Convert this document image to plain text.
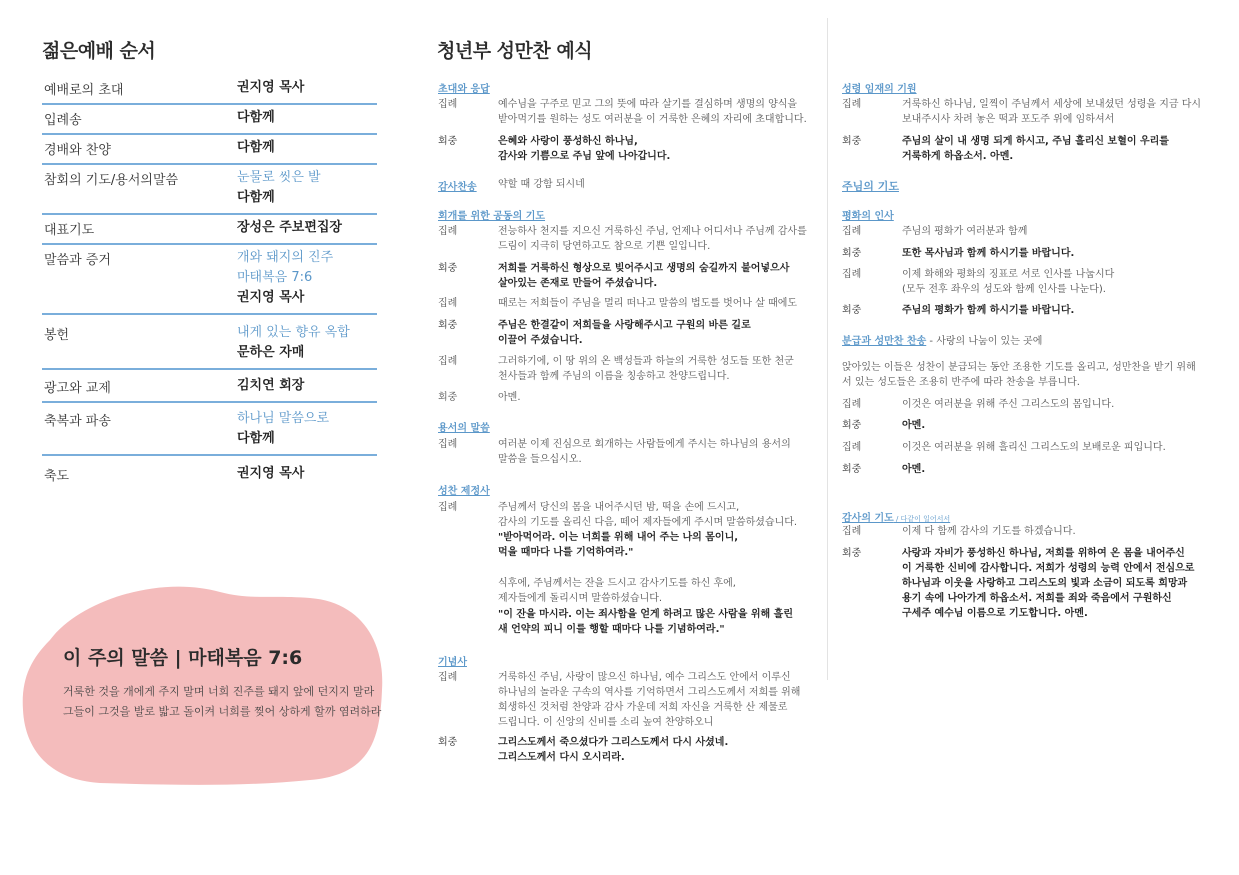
젊은예배 순서
예배로의 초대	권지영 목사
입례송	다함께
경배와 찬양	다함께
참회의 기도/용서의말씀	눈물로 씻은 발
다함께
대표기도	장성은 주보편집장
말씀과 증거	개와 돼지의 진주
마태복음 7:6
권지영 목사
봉헌	내게 있는 향유 옥합
문하은 자매
광고와 교제	김치연 회장
축복과 파송	하나님 말씀으로
다함께
축도	권지영 목사
이 주의 말씀 | 마태복음 7:6
거룩한 것을 개에게 주지 말며 너희 진주를 돼지 앞에 던지지 말라
그들이 그것을 발로 밟고 돌이켜 너희를 찢어 상하게 할까 염려하라
청년부 성만찬 예식
초대와 응답
집례	예수님을 구주로 믿고 그의 뜻에 따라 살기를 결심하며 생명의 양식을
받아먹기를 원하는 성도 여러분을 이 거룩한 은혜의 자리에 초대합니다.
회중	은혜와 사랑이 풍성하신 하나님,
감사와 기쁨으로 주님 앞에 나아갑니다.
감사찬송 약할 때 강함 되시네
회개를 위한 공동의 기도
집례	전능하사 천지를 지으신 거룩하신 주님, 언제나 어디서나 주님께 감사를
드림이 지극히 당연하고도 참으로 기쁜 일입니다.
회중	저희를 거룩하신 형상으로 빚어주시고 생명의 숨길까지 불어넣으사
살아있는 존재로 만들어 주셨습니다.
집례	때로는 저희들이 주님을 멀리 떠나고 말씀의 법도를 벗어나 살 때에도
회중	주님은 한결같이 저희들을 사랑해주시고 구원의 바른 길로
이끌어 주셨습니다.
집례	그러하기에, 이 땅 위의 온 백성들과 하늘의 거룩한 성도들 또한 천군
천사들과 함께 주님의 이름을 칭송하고 찬양드립니다.
회중	아멘.
용서의 말씀
집례	여러분 이제 진심으로 회개하는 사람들에게 주시는 하나님의 용서의
말씀을 들으십시오.
성찬 제정사
집례	주님께서 당신의 몸을 내어주시던 밤, 떡을 손에 드시고,
감사의 기도를 올리신 다음, 떼어 제자들에게 주시며 말씀하셨습니다.
"받아먹어라. 이는 너희를 위해 내어 주는 나의 몸이니,
먹을 때마다 나를 기억하여라."
식후에, 주님께서는 잔을 드시고 감사기도를 하신 후에,
제자들에게 돌리시며 말씀하셨습니다.
"이 잔을 마시라. 이는 죄사함을 얻게 하려고 많은 사람을 위해 흘린
새 언약의 피니 이를 행할 때마다 나를 기념하여라."
기념사
집례	거룩하신 주님, 사랑이 많으신 하나님, 예수 그리스도 안에서 이루신
하나님의 놀라운 구속의 역사를 기억하면서 그리스도께서 저희를 위해
희생하신 것처럼 찬양과 감사 가운데 저희 자신을 거룩한 산 제물로
드립니다. 이 신앙의 신비를 소리 높여 찬양하오니
회중	그리스도께서 죽으셨다가 그리스도께서 다시 사셨네.
그리스도께서 다시 오시리라.
성령 임재의 기원
집례	거룩하신 하나님, 일찍이 주님께서 세상에 보내셨던 성령을 지금 다시
보내주시사 차려 놓은 떡과 포도주 위에 임하셔서
회중	주님의 살이 내 생명 되게 하시고, 주님 흘리신 보혈이 우리를
거룩하게 하옵소서. 아멘.
주님의 기도
평화의 인사
집례	주님의 평화가 여러분과 함께
회중	또한 목사님과 함께 하시기를 바랍니다.
집례	이제 화해와 평화의 징표로 서로 인사를 나눕시다
(모두 전후 좌우의 성도와 함께 인사를 나눈다).
회중	주님의 평화가 함께 하시기를 바랍니다.
분급과 성만찬 찬송 - 사랑의 나눔이 있는 곳에
앉아있는 이들은 성찬이 분급되는 동안 조용한 기도를 올리고, 성만찬을 받기 위해
서 있는 성도들은 조용히 반주에 따라 찬송을 부릅니다.
집례	이것은 여러분을 위해 주신 그리스도의 몸입니다.
회중	아멘.
집례	이것은 여러분을 위해 흘리신 그리스도의 보배로운 피입니다.
회중	아멘.
감사의 기도 / 다같이 일어서서
집례	이제 다 함께 감사의 기도를 하겠습니다.
회중	사랑과 자비가 풍성하신 하나님, 저희를 위하여 온 몸을 내어주신
이 거룩한 신비에 감사합니다. 저희가 성령의 능력 안에서 전심으로
하나님과 이웃을 사랑하고 그리스도의 빛과 소금이 되도록 희망과
용기 속에 나아가게 하옵소서. 저희를 죄와 죽음에서 구원하신
구세주 예수님 이름으로 기도합니다. 아멘.
